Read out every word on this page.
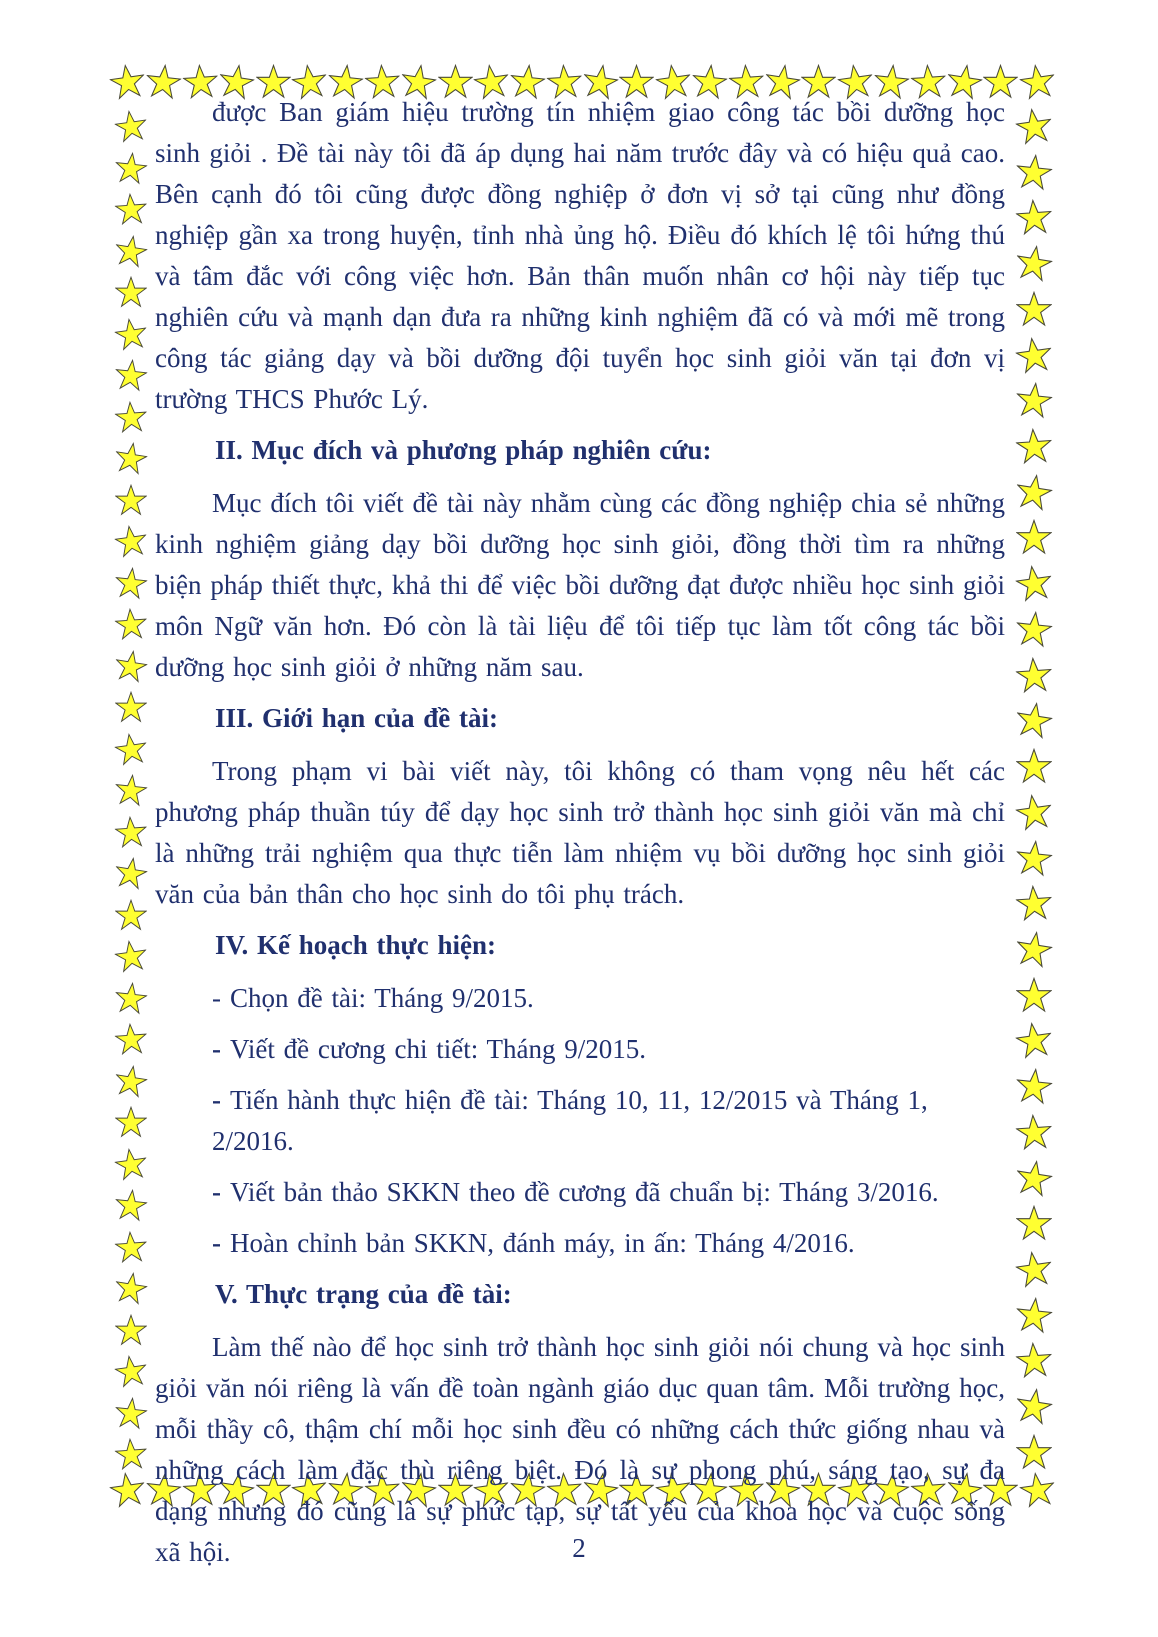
được Ban giám hiệu trường tín nhiệm giao công tác bồi dưỡng học sinh giỏi . Đề tài này tôi đã áp dụng hai năm trước đây và có hiệu quả cao. Bên cạnh đó tôi cũng được đồng nghiệp ở đơn vị sở tại cũng như đồng nghiệp gần xa trong huyện, tỉnh nhà ủng hộ. Điều đó khích lệ tôi hứng thú và tâm đắc với công việc hơn. Bản thân muốn nhân cơ hội này tiếp tục nghiên cứu và mạnh dạn đưa ra những kinh nghiệm đã có và mới mẽ trong công tác giảng dạy và bồi dưỡng đội tuyển học sinh giỏi văn tại đơn vị trường THCS Phước Lý.

II. Mục đích và phương pháp nghiên cứu:

Mục đích tôi viết đề tài này nhằm cùng các đồng nghiệp chia sẻ những kinh nghiệm giảng dạy bồi dưỡng học sinh giỏi, đồng thời tìm ra những biện pháp thiết thực, khả thi để việc bồi dưỡng đạt được nhiều học sinh giỏi môn Ngữ văn hơn. Đó còn là tài liệu để tôi tiếp tục làm tốt công tác bồi dưỡng học sinh giỏi ở những năm sau.

III. Giới hạn của đề tài:

Trong phạm vi bài viết này, tôi không có tham vọng nêu hết các phương pháp thuần túy để dạy học sinh trở thành học sinh giỏi văn mà chỉ là những trải nghiệm qua thực tiễn làm nhiệm vụ bồi dưỡng học sinh giỏi văn của bản thân cho học sinh do tôi phụ trách.

IV. Kế hoạch thực hiện:

- Chọn đề tài: Tháng 9/2015.

- Viết đề cương chi tiết: Tháng 9/2015.

- Tiến hành thực hiện đề tài: Tháng 10, 11, 12/2015 và Tháng 1, 2/2016.

- Viết bản thảo SKKN theo đề cương đã chuẩn bị: Tháng 3/2016.

- Hoàn chỉnh bản SKKN, đánh máy, in ấn: Tháng 4/2016.

V. Thực trạng của đề tài:

Làm thế nào để học sinh trở thành học sinh giỏi nói chung và học sinh giỏi văn nói riêng là vấn đề toàn ngành giáo dục quan tâm. Mỗi trường học, mỗi thầy cô, thậm chí mỗi học sinh đều có những cách thức giống nhau và những cách làm đặc thù riêng biệt. Đó là sự phong phú, sáng tạo, sự đa dạng nhưng đó cũng là sự phức tạp, sự tất yếu của khoa học và cuộc sống xã hội.	2
